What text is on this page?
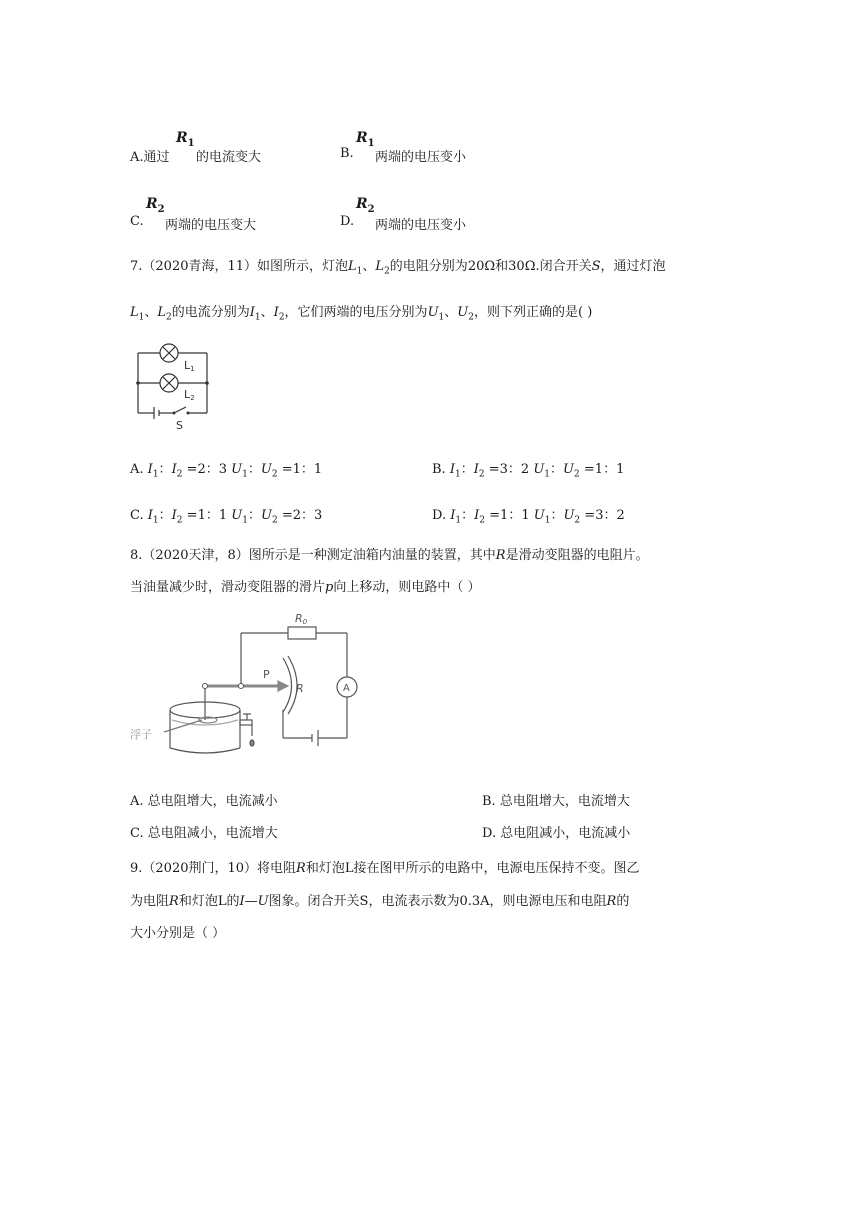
$R_1$
A.通过 的电流变大
$R_1$
B. 两端的电压变小
$R_2$
C. 两端的电压变大
$R_2$
D. 两端的电压变小
7.（2020青海，11）如图所示，灯泡$L_1$、$L_2$的电阻分别为20Ω和30Ω.闭合开关S，通过灯泡
$L_1$、$L_2$的电流分别为$I_1$、$I_2$，它们两端的电压分别为$U_1$、$U_2$，则下列正确的是( )
L1
L2
S
A. $I_1$：$I_2 =2$：3 $U_1$：$U_2 =1$：1	B. $I_1$：$I_2 =3$：2 $U_1$：$U_2 =1$：1
C. $I_1$：$I_2 =1$：1 $U_1$：$U_2 =2$：3	D. $I_1$：$I_2 =1$：1 $U_1$：$U_2 =3$：2
8.（2020天津，8）图所示是一种测定油箱内油量的装置，其中R是滑动变阻器的电阻片。
当油量减少时，滑动变阻器的滑片p向上移动，则电路中（ ）
R0
P
R	A
浮子
A. 总电阻增大，电流减小	B. 总电阻增大，电流增大
C. 总电阻减小，电流增大	D. 总电阻减小，电流减小
9.（2020荆门，10）将电阻R和灯泡L接在图甲所示的电路中，电源电压保持不变。图乙
为电阻R和灯泡L的I—U图象。闭合开关S，电流表示数为0.3A，则电源电压和电阻R的
大小分别是（ ）
